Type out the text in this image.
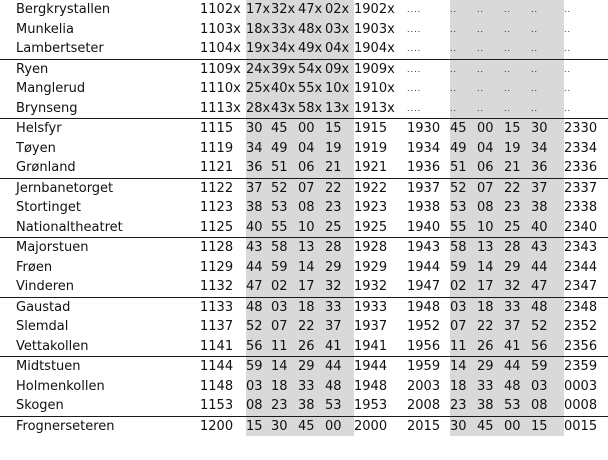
Bergkrystallen	1102x	17x	32x	47x	02x	1902x	....	..	..	..	..	..
Munkelia	1103x	18x	33x	48x	03x	1903x	....	..	..	..	..	..
Lambertseter	1104x	19x	34x	49x	04x	1904x	....	..	..	..	..	..
Ryen	1109x	24x	39x	54x	09x	1909x	....	..	..	..	..	..
Manglerud	1110x	25x	40x	55x	10x	1910x	....	..	..	..	..	..
Brynseng	1113x	28x	43x	58x	13x	1913x	....	..	..	..	..	..
Helsfyr	1115	30	45	00	15	1915	1930	45	00	15	30	2330
Tøyen	1119	34	49	04	19	1919	1934	49	04	19	34	2334
Grønland	1121	36	51	06	21	1921	1936	51	06	21	36	2336
Jernbanetorget	1122	37	52	07	22	1922	1937	52	07	22	37	2337
Stortinget	1123	38	53	08	23	1923	1938	53	08	23	38	2338
Nationaltheatret	1125	40	55	10	25	1925	1940	55	10	25	40	2340
Majorstuen	1128	43	58	13	28	1928	1943	58	13	28	43	2343
Frøen	1129	44	59	14	29	1929	1944	59	14	29	44	2344
Vinderen	1132	47	02	17	32	1932	1947	02	17	32	47	2347
Gaustad	1133	48	03	18	33	1933	1948	03	18	33	48	2348
Slemdal	1137	52	07	22	37	1937	1952	07	22	37	52	2352
Vettakollen	1141	56	11	26	41	1941	1956	11	26	41	56	2356
Midtstuen	1144	59	14	29	44	1944	1959	14	29	44	59	2359
Holmenkollen	1148	03	18	33	48	1948	2003	18	33	48	03	0003
Skogen	1153	08	23	38	53	1953	2008	23	38	53	08	0008
Frognerseteren	1200	15	30	45	00	2000	2015	30	45	00	15	0015
